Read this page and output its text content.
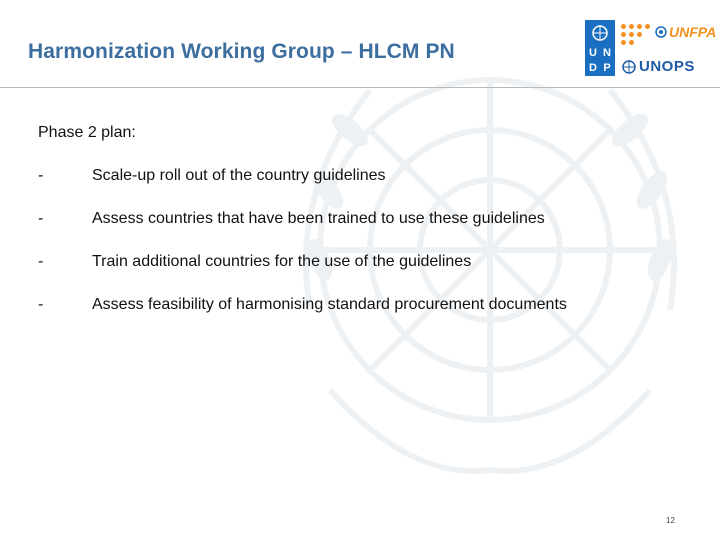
Harmonization Working Group – HLCM PN	U N
D P
UNFPA
UNOPS
Phase 2 plan:
-	Scale-up roll out of the country guidelines
-	Assess countries that have been trained to use these guidelines
-	Train additional countries for the use of the guidelines
-	Assess feasibility of harmonising standard procurement documents
12
